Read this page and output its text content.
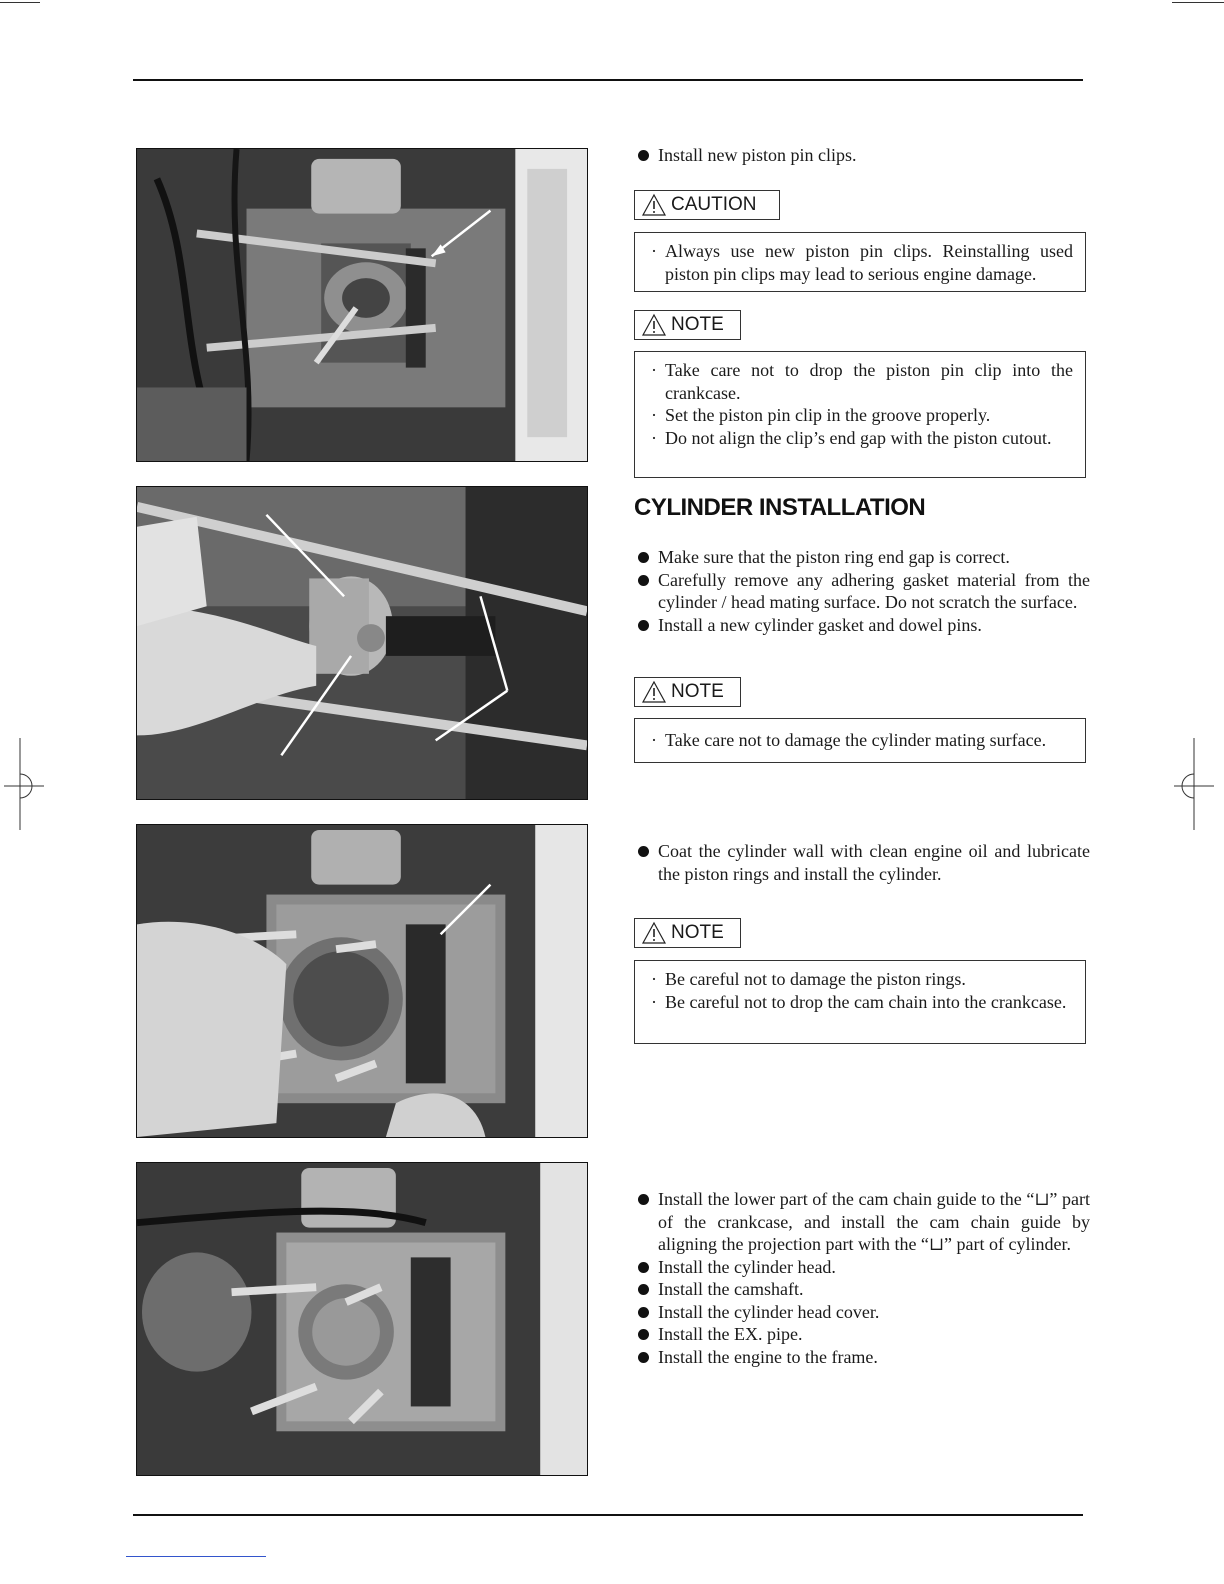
Install new piston pin clips.
CAUTION
· Always use new piston pin clips. Reinstalling used piston pin clips may lead to serious engine damage.
NOTE
· Take care not to drop the piston pin clip into the crankcase.
· Set the piston pin clip in the groove properly.
· Do not align the clip’s end gap with the piston cutout.
CYLINDER INSTALLATION
Make sure that the piston ring end gap is correct.
Carefully remove any adhering gasket material from the cylinder / head mating surface. Do not scratch the surface.
Install a new cylinder gasket and dowel pins.
NOTE
· Take care not to damage the cylinder mating surface.
Coat the cylinder wall with clean engine oil and lubricate the piston rings and install the cylinder.
NOTE
· Be careful not to damage the piston rings.
· Be careful not to drop the cam chain into the crankcase.
Install the lower part of the cam chain guide to the “⊔” part of the crankcase, and install the cam chain guide by aligning the projection part with the “⊔” part of cylinder.
Install the cylinder head.
Install the camshaft.
Install the cylinder head cover.
Install the EX. pipe.
Install the engine to the frame.
